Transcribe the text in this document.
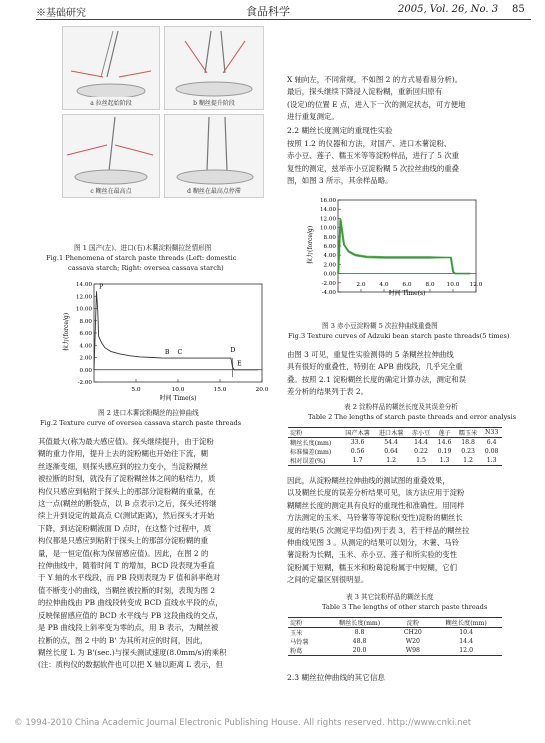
※基础研究	食品科学	2005, Vol. 26, No. 3 85
a 拉丝起始阶段	b 糊丝提升阶段
c 糊丝在最高点	d 糊丝在最高点停滞
图 1 国产(左)、进口(右)木薯淀粉糊拉丝情形图
Fig.1 Phenomena of starch paste threads (Left: domestic
cassava starch; Right: oversea cassava starch)
14.00
12.00
10.00
8.00
6.00
4.00
2.00
0.00
-2.00
5.0	10.0	15.0	20.0
拉力(force/g)
时间 Time(s)
P
B C	D
E
图 2 进口木薯淀粉糊丝的拉伸曲线
Fig.2 Texture curve of oversea cassava starch paste threads

其值最大(称为最大感应值)。探头继续提升，由于淀粉

糊的重力作用，提升上去的淀粉糊也开始往下流，糊

丝逐渐变细，则探头感应到的拉力变小，当淀粉糊丝

被拉断的时刻，就没有了淀粉糊丝体之间的粘结力，质

构仪只感应到粘附于探头上的那部分淀粉糊的重量，在

这一点(糊丝的断裂点，以 B 点表示)之后，探头还将继

续上升到设定的最高点 C(测试距离)，然后探头才开始

下降，到达淀粉糊液面 D 点时，在这整个过程中，质

构仪都是只感应到粘附于探头上的那部分淀粉糊的重

量，是一恒定值(称为保留感应值)。因此，在图 2 的

拉伸曲线中，随着时间 T 的增加，BCD 段表现为垂直

于 Y 轴的水平线段，而 PB 段则表现为 F 值和斜率绝对

值不断变小的曲线，当糊丝被拉断的时刻，表现为图 2

的拉伸曲线由 PB 曲线段转变成 BCD 直线水平段的点，

反映保留感应值的 BCD 水平线与 PB 这段曲线的交点，

是 PB 曲线段上斜率变为零的点，用 B 表示，为糊丝被

拉断的点，图 2 中的 B' 为其所对应的时间，因此，

糊丝长度 L 为 B'(sec.)与探头测试速度(8.0mm/s)的乘积

(注：质构仪的数据软件也可以把 X 轴以距离 L 表示，但

X 轴向左，不同常规，不如图 2 的方式易看易分析)。

最后，探头继续下降浸入淀粉糊，重新回归原有

(设定)的位置 E 点，进入下一次的测定状态，可方便地

进行重复测定。

2.2 糊丝长度测定的重现性实验

按照 1.2 的仪器和方法，对国产、进口木薯淀粉、

赤小豆、莲子、糯玉米等等淀粉样品，进行了 5 次重

复性的测定，兹举赤小豆淀粉糊 5 次拉丝曲线的重叠

图，如图 3 所示，其余样品略。

16.00
14.00
12.00
10.00
8.00
6.00
4.00
2.00
0.00
-2.00
-4.00
2.0 4.0 6.0 8.0 10.0 12.0
拉力(force/g)
时间 Time(s)
图 3 赤小豆淀粉糊 5 次拉伸曲线重叠图
Fig.3 Texture curves of Adzuki bean starch paste threads(5 times)

由图 3 可见，重复性实验测得的 5 条糊丝拉伸曲线

具有很好的重叠性，特别在 APB 曲线段，几乎完全重

叠。按照 2.1 淀粉糊丝长度的确定计算办法，测定和误

差分析的结果列于表 2。

表 2 淀粉样品的糊丝长度及其误差分析
Table 2 The lengths of starch paste threads and error analysis
淀粉	国产木薯	进口木薯	赤小豆	莲子	糯玉米	N33
糊丝长度(mm)	33.6	54.4	14.4	14.6	18.8	6.4
标准偏差(mm)	0.56	0.64	0.22	0.19	0.23	0.08
相对误差(%)	1.7	1.2	1.5	1.3	1.2	1.3

因此，从淀粉糊丝拉伸曲线的测试图的重叠效果，

以及糊丝长度的误差分析结果可见，该方法应用于淀粉

糊糊丝长度的测定具有良好的重现性和准确性。用同样

方法测定的玉米、马铃薯等等淀粉(变性)淀粉的糊丝长

度的结果(5 次测定平均值)列于表 3，若干样品的糊丝拉

伸曲线见图 3 。从测定的结果可以划分，木薯、马铃

薯淀粉为长糊，玉米、赤小豆、莲子和所实验的变性

淀粉属于短糊，糯玉米和粉葛淀粉属于中短糊，它们

之间的定量区别很明显。

表 3 其它淀粉样品的糊丝长度
Table 3 The lengths of other starch paste threads
淀粉	糊丝长度(mm)	淀粉	糊丝长度(mm)
玉米	8.8	CH20	10.4
马铃薯	48.8	W20	14.4
粉葛	20.0	W98	12.0
2.3 糊丝拉伸曲线的其它信息
© 1994-2010 China Academic Journal Electronic Publishing House. All rights reserved. http://www.cnki.net
